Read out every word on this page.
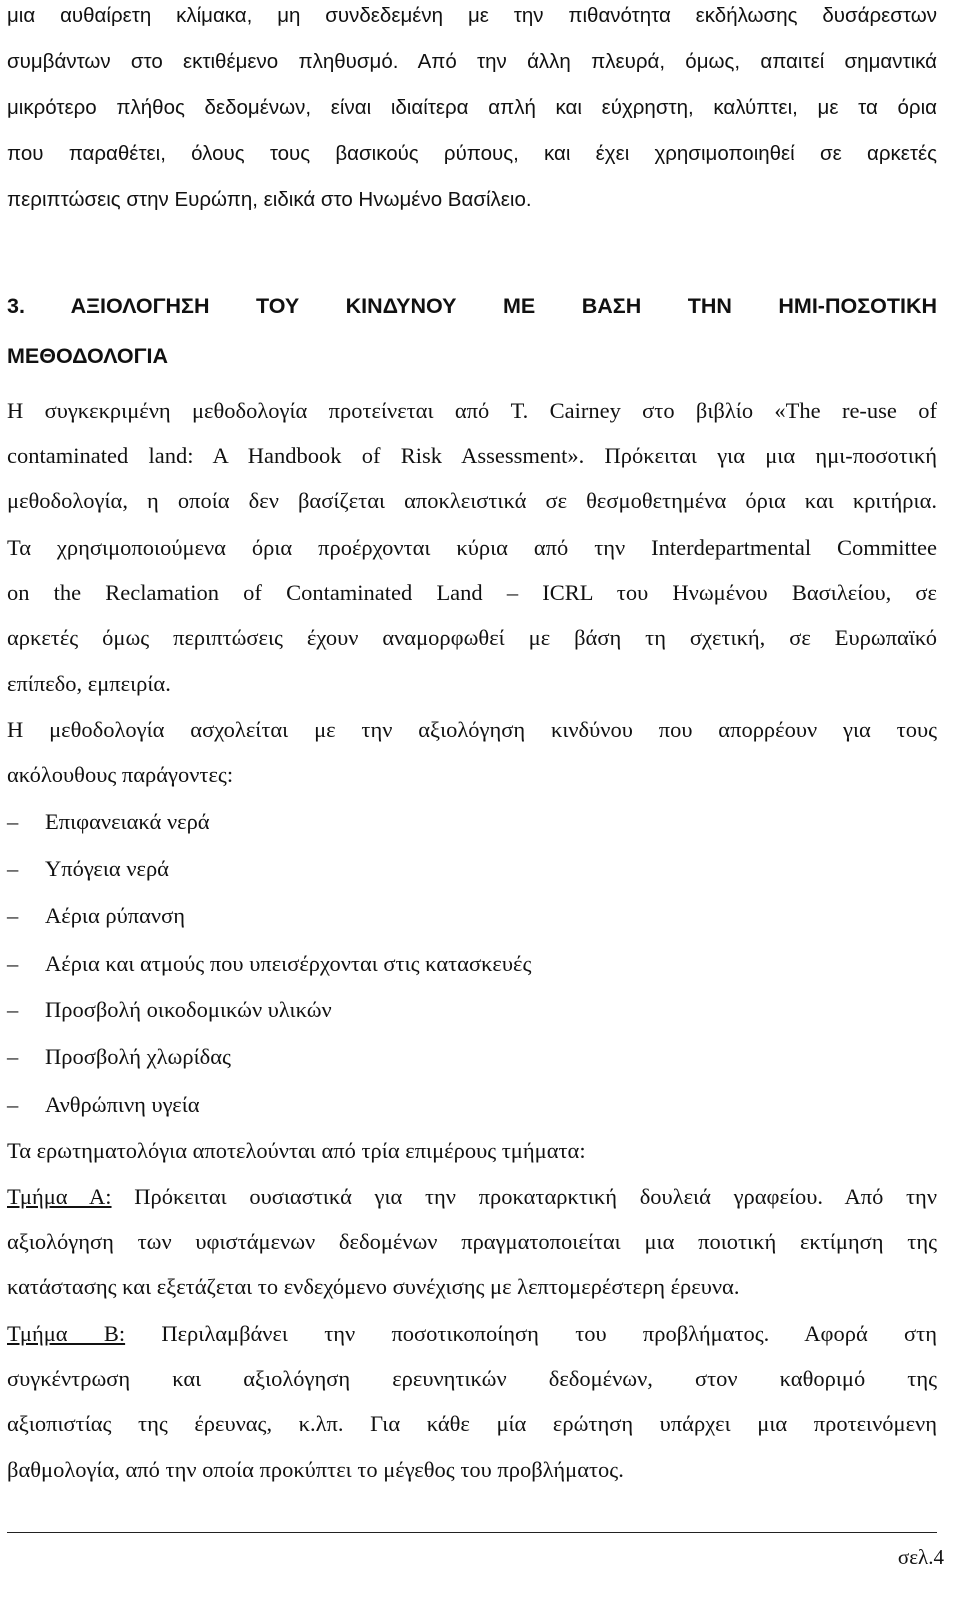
μια αυθαίρετη κλίμακα, μη συνδεδεμένη με την πιθανότητα εκδήλωσης δυσάρεστων
συμβάντων στο εκτιθέμενο πληθυσμό. Από την άλλη πλευρά, όμως, απαιτεί σημαντικά
μικρότερο πλήθος δεδομένων, είναι ιδιαίτερα απλή και εύχρηστη, καλύπτει, με τα όρια
που παραθέτει, όλους τους βασικούς ρύπους, και έχει χρησιμοποιηθεί σε αρκετές
περιπτώσεις στην Ευρώπη, ειδικά στο Ηνωμένο Βασίλειο.
3. ΑΞΙΟΛΟΓΗΣΗ ΤΟΥ ΚΙΝΔΥΝΟΥ ΜΕ ΒΑΣΗ ΤΗΝ ΗΜΙ-ΠΟΣΟΤΙΚΗ
ΜΕΘΟΔΟΛΟΓΙΑ
Η συγκεκριμένη μεθοδολογία προτείνεται από T. Cairney στο βιβλίο «The re-use of
contaminated land: A Handbook of Risk Assessment». Πρόκειται για μια ημι-ποσοτική
μεθοδολογία, η οποία δεν βασίζεται αποκλειστικά σε θεσμοθετημένα όρια και κριτήρια.
Τα χρησιμοποιούμενα όρια προέρχονται κύρια από την Interdepartmental Committee
on the Reclamation of Contaminated Land – ICRL του Ηνωμένου Βασιλείου, σε
αρκετές όμως περιπτώσεις έχουν αναμορφωθεί με βάση τη σχετική, σε Ευρωπαϊκό
επίπεδο, εμπειρία.
Η μεθοδολογία ασχολείται με την αξιολόγηση κινδύνου που απορρέουν για τους
ακόλουθους παράγοντες:
– Επιφανειακά νερά
– Υπόγεια νερά
– Αέρια ρύπανση
– Αέρια και ατμούς που υπεισέρχονται στις κατασκευές
– Προσβολή οικοδομικών υλικών
– Προσβολή χλωρίδας
– Ανθρώπινη υγεία
Τα ερωτηματολόγια αποτελούνται από τρία επιμέρους τμήματα:
Τμήμα Α: Πρόκειται ουσιαστικά για την προκαταρκτική δουλειά γραφείου. Από την
αξιολόγηση των υφιστάμενων δεδομένων πραγματοποιείται μια ποιοτική εκτίμηση της
κατάστασης και εξετάζεται το ενδεχόμενο συνέχισης με λεπτομερέστερη έρευνα.
Τμήμα Β: Περιλαμβάνει την ποσοτικοποίηση του προβλήματος. Αφορά στη
συγκέντρωση και αξιολόγηση ερευνητικών δεδομένων, στον καθοριμό της
αξιοπιστίας της έρευνας, κ.λπ. Για κάθε μία ερώτηση υπάρχει μια προτεινόμενη
βαθμολογία, από την οποία προκύπτει το μέγεθος του προβλήματος.
σελ.4
